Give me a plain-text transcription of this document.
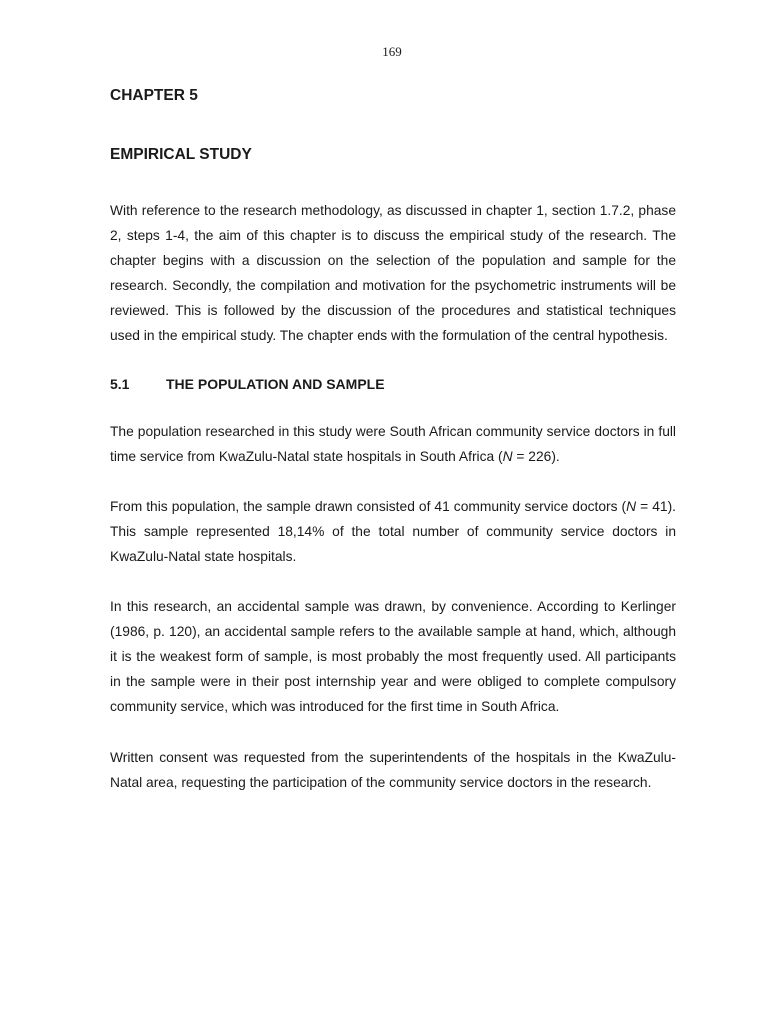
169
CHAPTER 5
EMPIRICAL STUDY

With reference to the research methodology, as discussed in chapter 1, section 1.7.2, phase 2, steps 1-4, the aim of this chapter is to discuss the empirical study of the research. The chapter begins with a discussion on the selection of the population and sample for the research. Secondly, the compilation and motivation for the psychometric instruments will be reviewed. This is followed by the discussion of the procedures and statistical techniques used in the empirical study. The chapter ends with the formulation of the central hypothesis.

5.1	THE POPULATION AND SAMPLE

The population researched in this study were South African community service doctors in full time service from KwaZulu-Natal state hospitals in South Africa (N = 226).

From this population, the sample drawn consisted of 41 community service doctors (N = 41). This sample represented 18,14% of the total number of community service doctors in KwaZulu-Natal state hospitals.

In this research, an accidental sample was drawn, by convenience. According to Kerlinger (1986, p. 120), an accidental sample refers to the available sample at hand, which, although it is the weakest form of sample, is most probably the most frequently used. All participants in the sample were in their post internship year and were obliged to complete compulsory community service, which was introduced for the first time in South Africa.

Written consent was requested from the superintendents of the hospitals in the KwaZulu-Natal area, requesting the participation of the community service doctors in the research.
